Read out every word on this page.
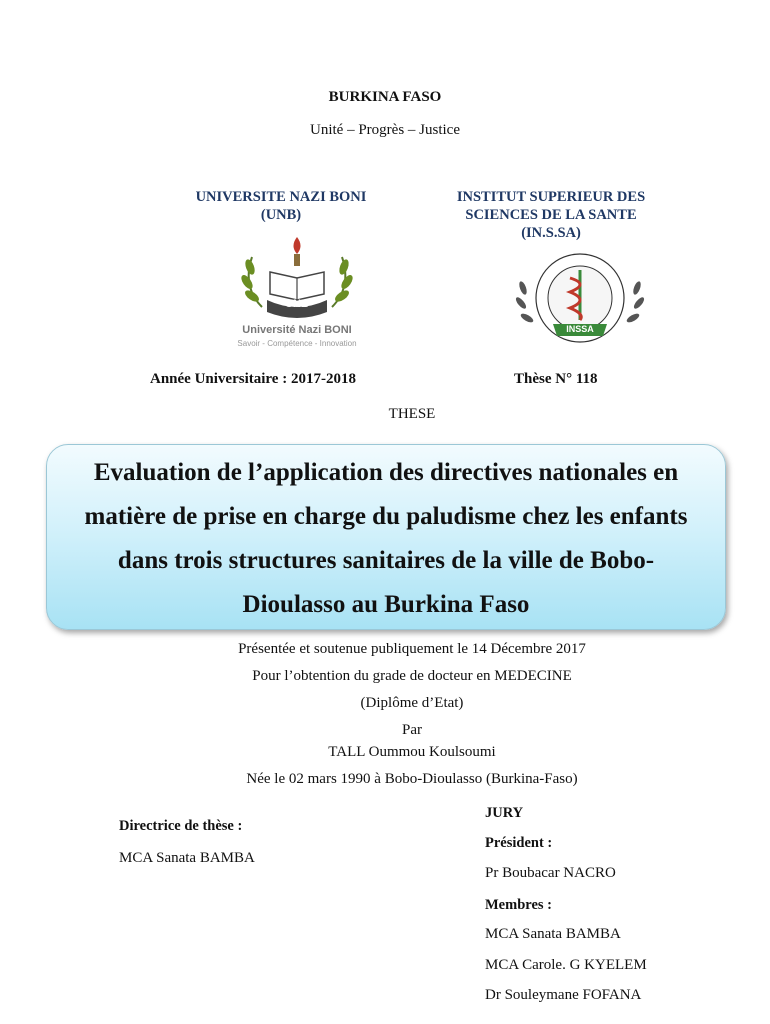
BURKINA FASO
Unité – Progrès – Justice
UNIVERSITE NAZI BONI
(UNB)
INSTITUT SUPERIEUR DES
SCIENCES DE LA SANTE
(IN.S.SA)
UNB
Université Nazi BONI
Savoir - Compétence - Innovation
INSSA
Année Universitaire : 2017-2018	Thèse N° 118
THESE
Evaluation de l’application des directives nationales en
matière de prise en charge du paludisme chez les enfants
dans trois structures sanitaires de la ville de Bobo-
Dioulasso au Burkina Faso
Présentée et soutenue publiquement le 14 Décembre 2017
Pour l’obtention du grade de docteur en MEDECINE
(Diplôme d’Etat)
Par
TALL Oummou Koulsoumi
Née le 02 mars 1990 à Bobo-Dioulasso (Burkina-Faso)
Directrice de thèse :
MCA Sanata BAMBA
JURY
Président :
Pr Boubacar NACRO
Membres :
MCA Sanata BAMBA
MCA Carole. G KYELEM
Dr Souleymane FOFANA
